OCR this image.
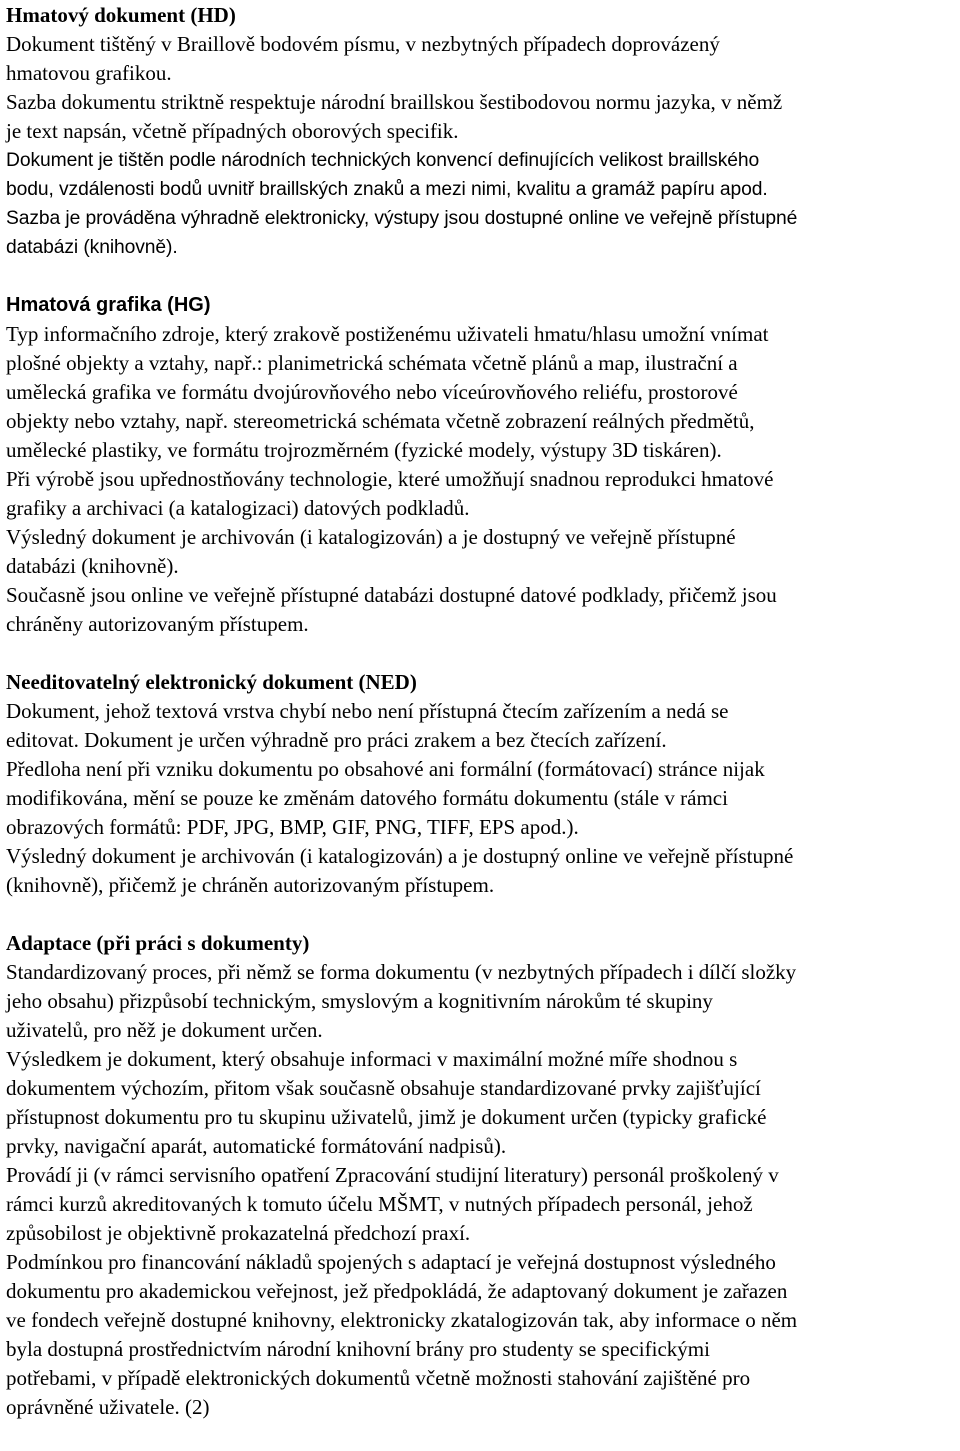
Hmatový dokument (HD)

Dokument tištěný v Braillově bodovém písmu, v nezbytných případech doprovázený
hmatovou grafikou.

Sazba dokumentu striktně respektuje národní braillskou šestibodovou normu jazyka, v němž
je text napsán, včetně případných oborových specifik.

Dokument je tištěn podle národních technických konvencí definujících velikost braillského
bodu, vzdálenosti bodů uvnitř braillských znaků a mezi nimi, kvalitu a gramáž papíru apod.

Sazba je prováděna výhradně elektronicky, výstupy jsou dostupné online ve veřejně přístupné
databázi (knihovně).

Hmatová grafika (HG)

Typ informačního zdroje, který zrakově postiženému uživateli hmatu/hlasu umožní vnímat
plošné objekty a vztahy, např.: planimetrická schémata včetně plánů a map, ilustrační a
umělecká grafika ve formátu dvojúrovňového nebo víceúrovňového reliéfu, prostorové
objekty nebo vztahy, např. stereometrická schémata včetně zobrazení reálných předmětů,
umělecké plastiky, ve formátu trojrozměrném (fyzické modely, výstupy 3D tiskáren).

Při výrobě jsou upřednostňovány technologie, které umožňují snadnou reprodukci hmatové
grafiky a archivaci (a katalogizaci) datových podkladů.

Výsledný dokument je archivován (i katalogizován) a je dostupný ve veřejně přístupné
databázi (knihovně).

Současně jsou online ve veřejně přístupné databázi dostupné datové podklady, přičemž jsou
chráněny autorizovaným přístupem.

Needitovatelný elektronický dokument (NED)

Dokument, jehož textová vrstva chybí nebo není přístupná čtecím zařízením a nedá se
editovat. Dokument je určen výhradně pro práci zrakem a bez čtecích zařízení.

Předloha není při vzniku dokumentu po obsahové ani formální (formátovací) stránce nijak
modifikována, mění se pouze ke změnám datového formátu dokumentu (stále v rámci
obrazových formátů: PDF, JPG, BMP, GIF, PNG, TIFF, EPS apod.).

Výsledný dokument je archivován (i katalogizován) a je dostupný online ve veřejně přístupné
(knihovně), přičemž je chráněn autorizovaným přístupem.

Adaptace (při práci s dokumenty)

Standardizovaný proces, při němž se forma dokumentu (v nezbytných případech i dílčí složky
jeho obsahu) přizpůsobí technickým, smyslovým a kognitivním nárokům té skupiny
uživatelů, pro něž je dokument určen.

Výsledkem je dokument, který obsahuje informaci v maximální možné míře shodnou s
dokumentem výchozím, přitom však současně obsahuje standardizované prvky zajišťující
přístupnost dokumentu pro tu skupinu uživatelů, jimž je dokument určen (typicky grafické
prvky, navigační aparát, automatické formátování nadpisů).

Provádí ji (v rámci servisního opatření Zpracování studijní literatury) personál proškolený v
rámci kurzů akreditovaných k tomuto účelu MŠMT, v nutných případech personál, jehož
způsobilost je objektivně prokazatelná předchozí praxí.

Podmínkou pro financování nákladů spojených s adaptací je veřejná dostupnost výsledného
dokumentu pro akademickou veřejnost, jež předpokládá, že adaptovaný dokument je zařazen
ve fondech veřejně dostupné knihovny, elektronicky zkatalogizován tak, aby informace o něm
byla dostupná prostřednictvím národní knihovní brány pro studenty se specifickými
potřebami, v případě elektronických dokumentů včetně možnosti stahování zajištěné pro
oprávněné uživatele. (2)
